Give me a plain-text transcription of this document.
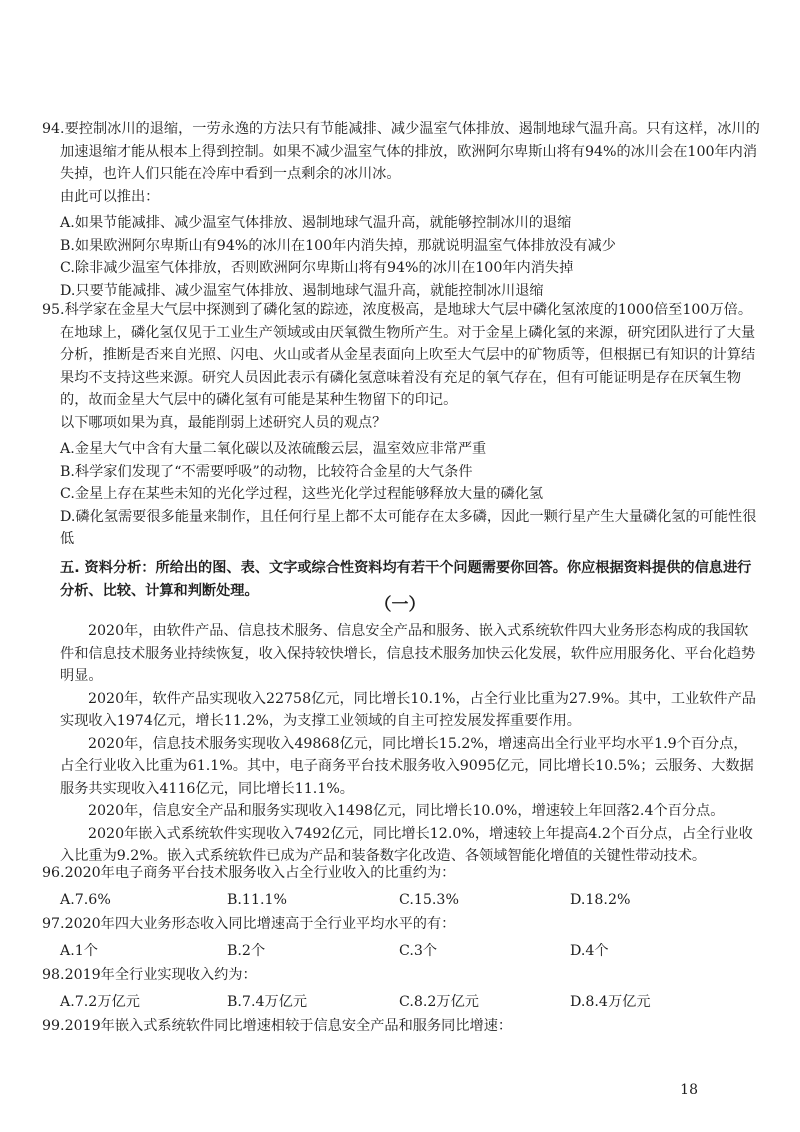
94.要控制冰川的退缩，一劳永逸的方法只有节能减排、减少温室气体排放、遏制地球气温升高。只有这样，冰川的加速退缩才能从根本上得到控制。如果不减少温室气体的排放，欧洲阿尔卑斯山将有94%的冰川会在100年内消失掉，也许人们只能在冷库中看到一点剩余的冰川冰。

由此可以推出：

A.如果节能减排、减少温室气体排放、遏制地球气温升高，就能够控制冰川的退缩

B.如果欧洲阿尔卑斯山有94%的冰川在100年内消失掉，那就说明温室气体排放没有减少

C.除非减少温室气体排放，否则欧洲阿尔卑斯山将有94%的冰川在100年内消失掉

D.只要节能减排、减少温室气体排放、遏制地球气温升高，就能控制冰川退缩

95.科学家在金星大气层中探测到了磷化氢的踪迹，浓度极高，是地球大气层中磷化氢浓度的1000倍至100万倍。在地球上，磷化氢仅见于工业生产领域或由厌氧微生物所产生。对于金星上磷化氢的来源，研究团队进行了大量分析，推断是否来自光照、闪电、火山或者从金星表面向上吹至大气层中的矿物质等，但根据已有知识的计算结果均不支持这些来源。研究人员因此表示有磷化氢意味着没有充足的氧气存在，但有可能证明是存在厌氧生物的，故而金星大气层中的磷化氢有可能是某种生物留下的印记。

以下哪项如果为真，最能削弱上述研究人员的观点？

A.金星大气中含有大量二氧化碳以及浓硫酸云层，温室效应非常严重

B.科学家们发现了“不需要呼吸”的动物，比较符合金星的大气条件

C.金星上存在某些未知的光化学过程，这些光化学过程能够释放大量的磷化氢

D.磷化氢需要很多能量来制作，且任何行星上都不太可能存在太多磷，因此一颗行星产生大量磷化氢的可能性很低

五. 资料分析：所给出的图、表、文字或综合性资料均有若干个问题需要你回答。你应根据资料提供的信息进行分析、比较、计算和判断处理。
（一）

2020年，由软件产品、信息技术服务、信息安全产品和服务、嵌入式系统软件四大业务形态构成的我国软件和信息技术服务业持续恢复，收入保持较快增长，信息技术服务加快云化发展，软件应用服务化、平台化趋势明显。

2020年，软件产品实现收入22758亿元，同比增长10.1%，占全行业比重为27.9%。其中，工业软件产品实现收入1974亿元，增长11.2%，为支撑工业领域的自主可控发展发挥重要作用。

2020年，信息技术服务实现收入49868亿元，同比增长15.2%，增速高出全行业平均水平1.9个百分点，占全行业收入比重为61.1%。其中，电子商务平台技术服务收入9095亿元，同比增长10.5%；云服务、大数据服务共实现收入4116亿元，同比增长11.1%。

2020年，信息安全产品和服务实现收入1498亿元，同比增长10.0%，增速较上年回落2.4个百分点。

2020年嵌入式系统软件实现收入7492亿元，同比增长12.0%，增速较上年提高4.2个百分点，占全行业收入比重为9.2%。嵌入式系统软件已成为产品和装备数字化改造、各领域智能化增值的关键性带动技术。

96.2020年电子商务平台技术服务收入占全行业收入的比重约为：

A.7.6%	B.11.1%	C.15.3%	D.18.2%

97.2020年四大业务形态收入同比增速高于全行业平均水平的有：

A.1个	B.2个	C.3个	D.4个

98.2019年全行业实现收入约为：

A.7.2万亿元	B.7.4万亿元	C.8.2万亿元	D.8.4万亿元

99.2019年嵌入式系统软件同比增速相较于信息安全产品和服务同比增速：

18
